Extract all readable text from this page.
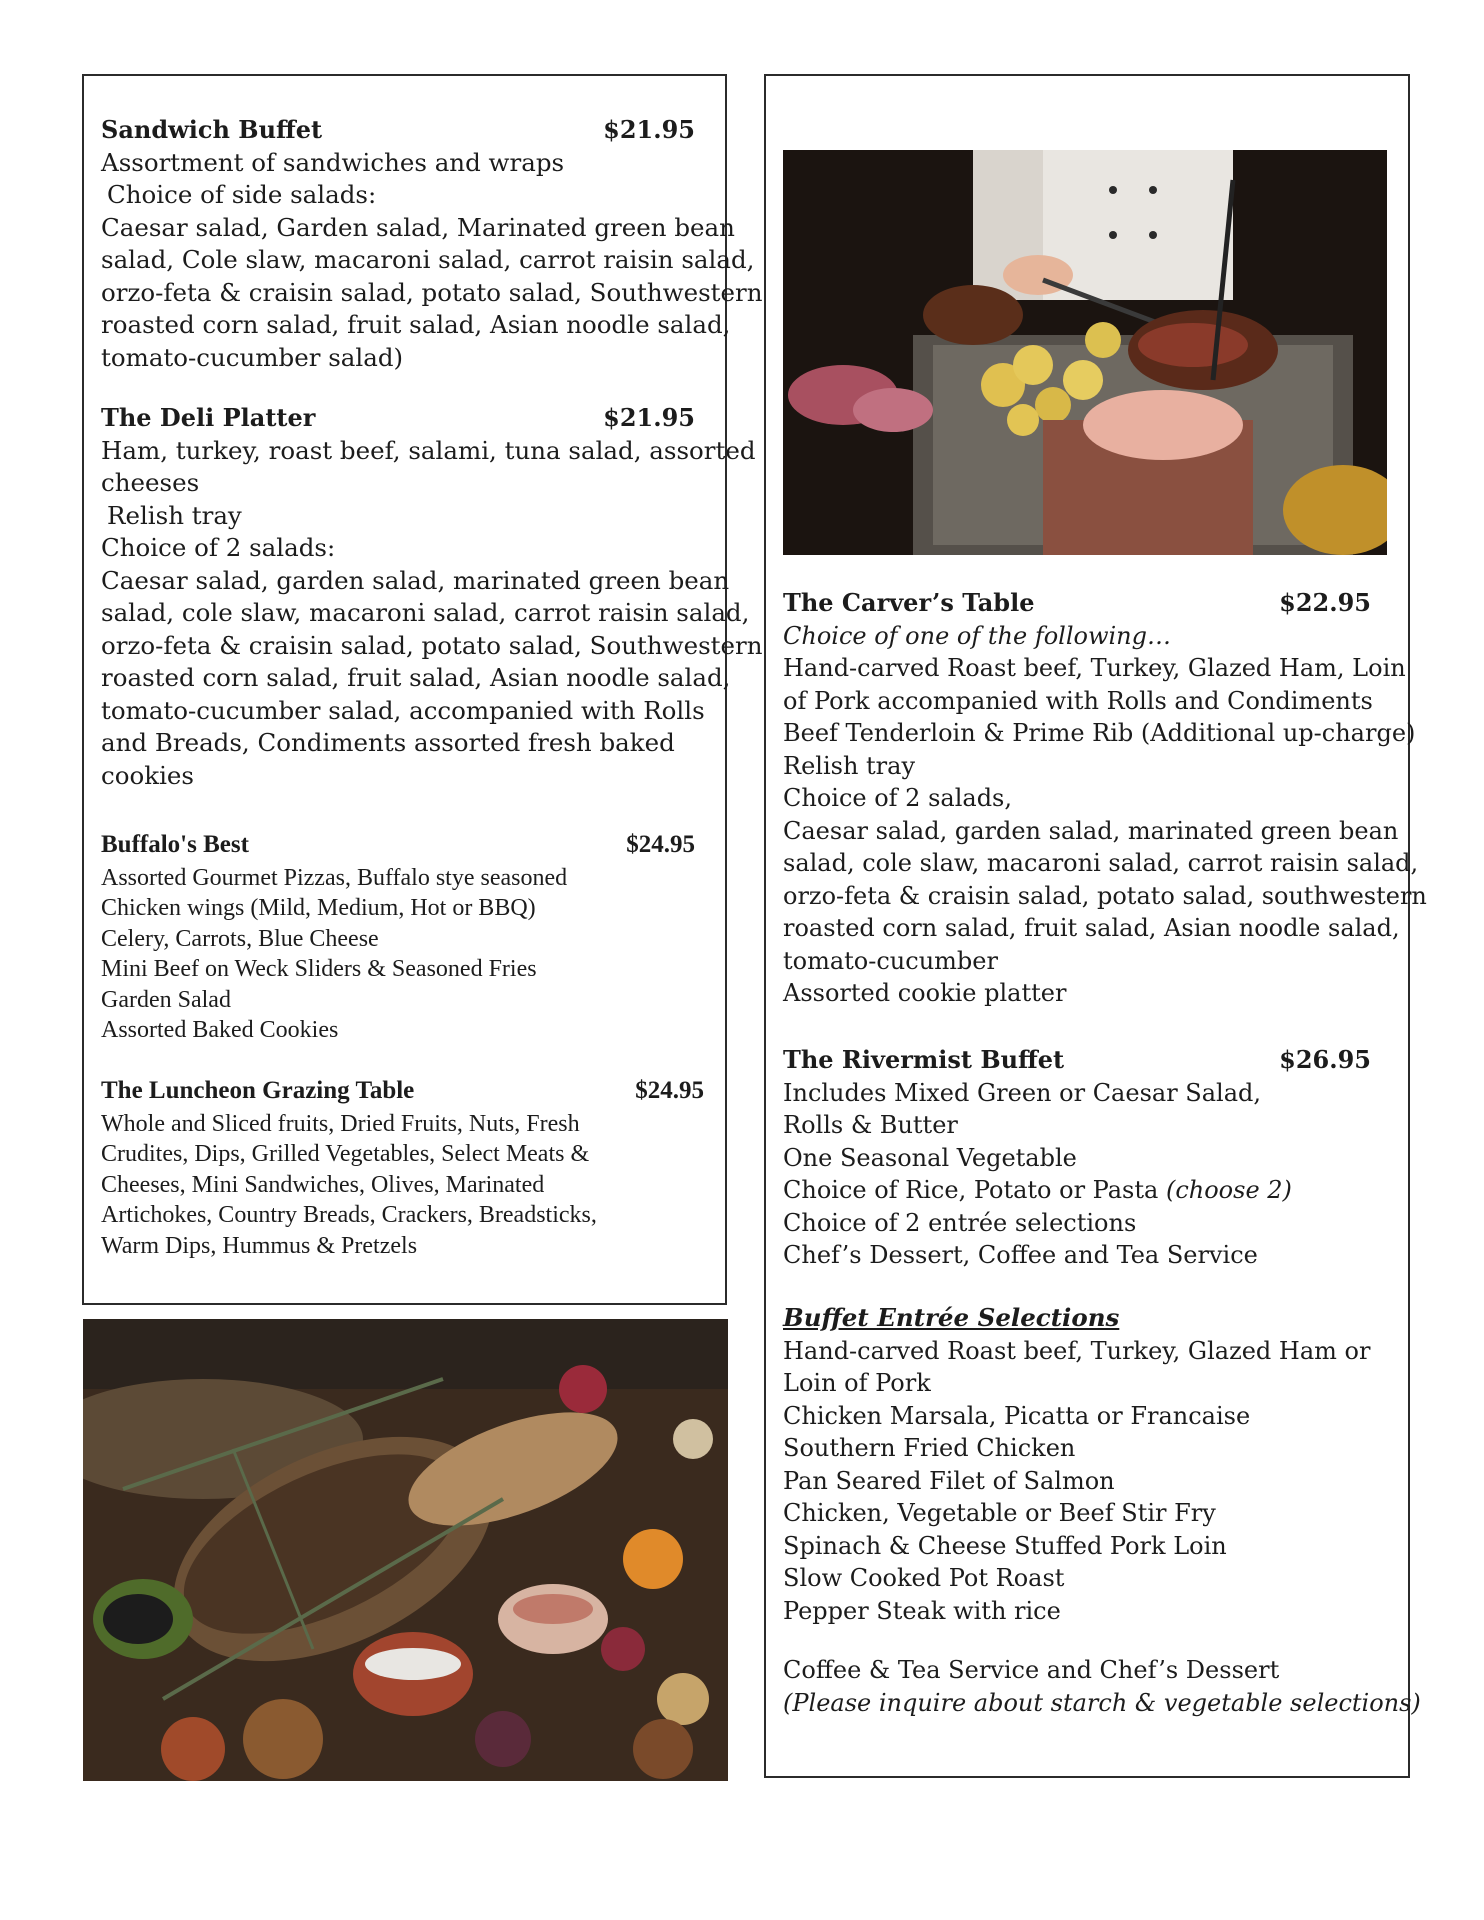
Sandwich Buffet	$21.95
Assortment of sandwiches and wraps
Choice of side salads:
Caesar salad, Garden salad, Marinated green bean
salad, Cole slaw, macaroni salad, carrot raisin salad,
orzo-feta & craisin salad, potato salad, Southwestern
roasted corn salad, fruit salad, Asian noodle salad,
tomato-cucumber salad)
The Deli Platter	$21.95
Ham, turkey, roast beef, salami, tuna salad, assorted
cheeses
Relish tray
Choice of 2 salads:
Caesar salad, garden salad, marinated green bean
salad, cole slaw, macaroni salad, carrot raisin salad,
orzo-feta & craisin salad, potato salad, Southwestern
roasted corn salad, fruit salad, Asian noodle salad,
tomato-cucumber salad, accompanied with Rolls
and Breads, Condiments assorted fresh baked
cookies
Buffalo's Best	$24.95
Assorted Gourmet Pizzas, Buffalo stye seasoned
Chicken wings (Mild, Medium, Hot or BBQ)
Celery, Carrots, Blue Cheese
Mini Beef on Weck Sliders & Seasoned Fries
Garden Salad
Assorted Baked Cookies
The Luncheon Grazing Table	$24.95
Whole and Sliced fruits, Dried Fruits, Nuts, Fresh
Crudites, Dips, Grilled Vegetables, Select Meats &
Cheeses, Mini Sandwiches, Olives, Marinated
Artichokes, Country Breads, Crackers, Breadsticks,
Warm Dips, Hummus & Pretzels
The Carver’s Table	$22.95
Choice of one of the following…
Hand-carved Roast beef, Turkey, Glazed Ham, Loin
of Pork accompanied with Rolls and Condiments
Beef Tenderloin & Prime Rib (Additional up-charge)
Relish tray
Choice of 2 salads,
Caesar salad, garden salad, marinated green bean
salad, cole slaw, macaroni salad, carrot raisin salad,
orzo-feta & craisin salad, potato salad, southwestern
roasted corn salad, fruit salad, Asian noodle salad,
tomato-cucumber
Assorted cookie platter
The Rivermist Buffet	$26.95
Includes Mixed Green or Caesar Salad,
Rolls & Butter
One Seasonal Vegetable
Choice of Rice, Potato or Pasta (choose 2)
Choice of 2 entrée selections
Chef’s Dessert, Coffee and Tea Service
Buffet Entrée Selections
Hand-carved Roast beef, Turkey, Glazed Ham or
Loin of Pork
Chicken Marsala, Picatta or Francaise
Southern Fried Chicken
Pan Seared Filet of Salmon
Chicken, Vegetable or Beef Stir Fry
Spinach & Cheese Stuffed Pork Loin
Slow Cooked Pot Roast
Pepper Steak with rice
Coffee & Tea Service and Chef’s Dessert
(Please inquire about starch & vegetable selections)
